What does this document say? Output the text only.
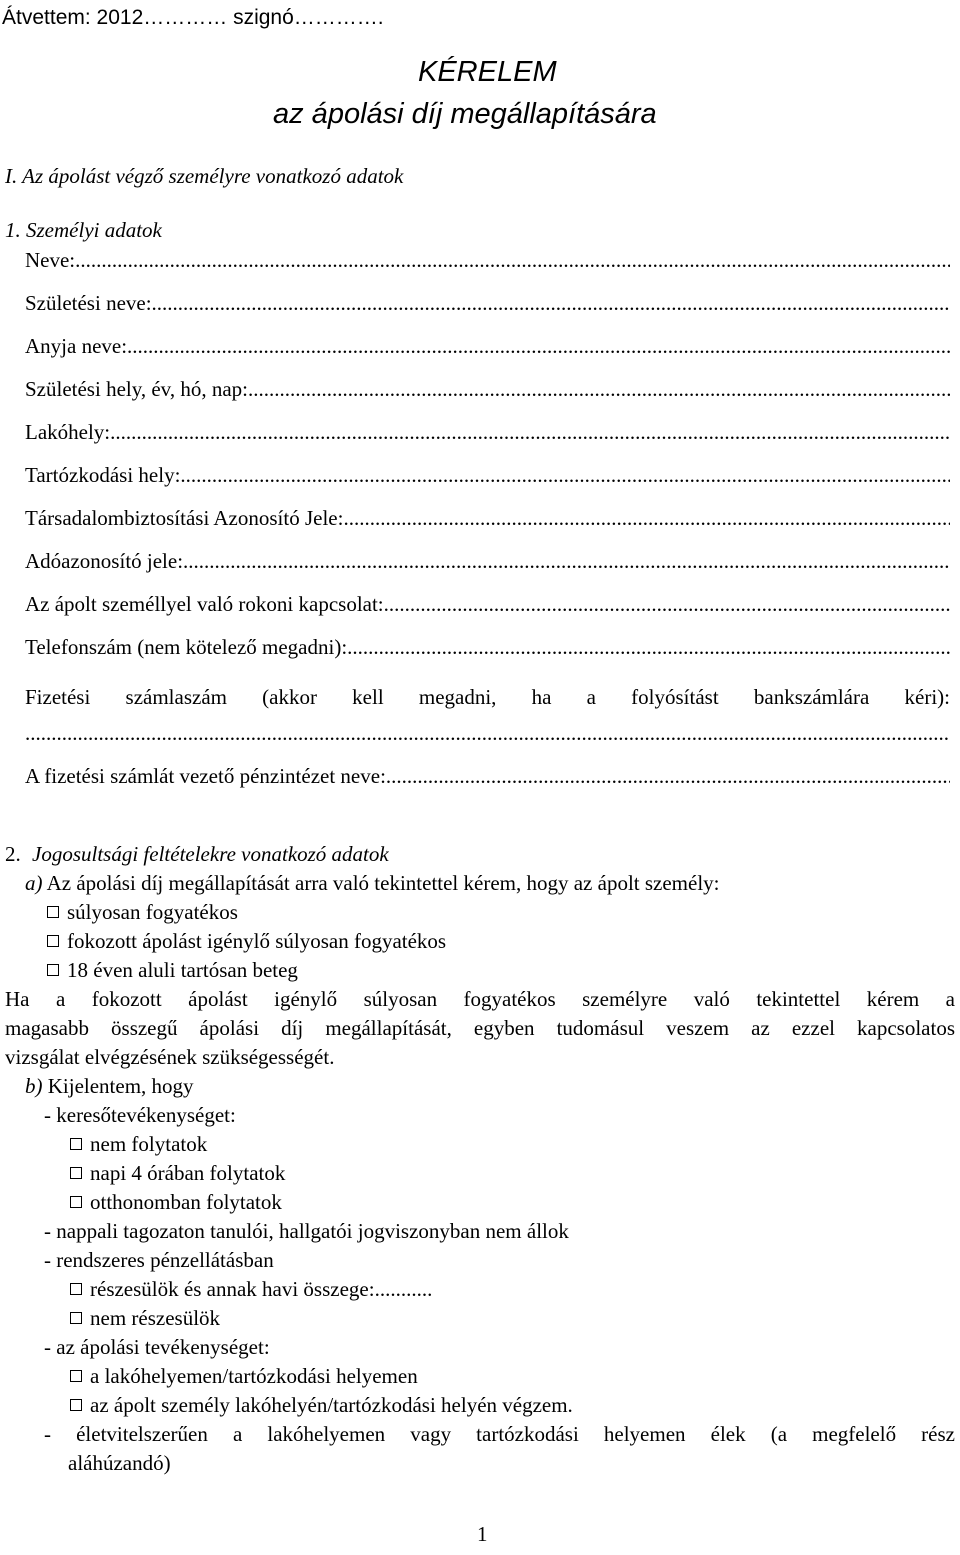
Átvettem: 2012………… szignó………….
KÉRELEM
az ápolási díj megállapítására
I. Az ápolást végző személyre vonatkozó adatok
1. Személyi adatok
Neve:
.....
Születési neve:
.....
Anyja neve:
.....
Születési hely, év, hó, nap:
.....
Lakóhely:
.....
Tartózkodási hely:
.....
Társadalombiztosítási Azonosító Jele:
.....
Adóazonosító jele:
.....
Az ápolt személlyel való rokoni kapcsolat:
.....
Telefonszám (nem kötelező megadni):
.....
Fizetési számlaszám (akkor kell megadni, ha a folyósítást bankszámlára kéri):
.....
A fizetési számlát vezető pénzintézet neve:
.....
2. Jogosultsági feltételekre vonatkozó adatok
a) Az ápolási díj megállapítását arra való tekintettel kérem, hogy az ápolt személy:
súlyosan fogyatékos
fokozott ápolást igénylő súlyosan fogyatékos
18 éven aluli tartósan beteg
Ha a fokozott ápolást igénylő súlyosan fogyatékos személyre való tekintettel kérem a
magasabb összegű ápolási díj megállapítását, egyben tudomásul veszem az ezzel kapcsolatos
vizsgálat elvégzésének szükségességét.
b) Kijelentem, hogy
- keresőtevékenységet:
nem folytatok
napi 4 órában folytatok
otthonomban folytatok
- nappali tagozaton tanulói, hallgatói jogviszonyban nem állok
- rendszeres pénzellátásban
részesülök és annak havi összege:...........
nem részesülök
- az ápolási tevékenységet:
a lakóhelyemen/tartózkodási helyemen
az ápolt személy lakóhelyén/tartózkodási helyén végzem.
- életvitelszerűen a lakóhelyemen vagy tartózkodási helyemen élek (a megfelelő rész
aláhúzandó)
1
